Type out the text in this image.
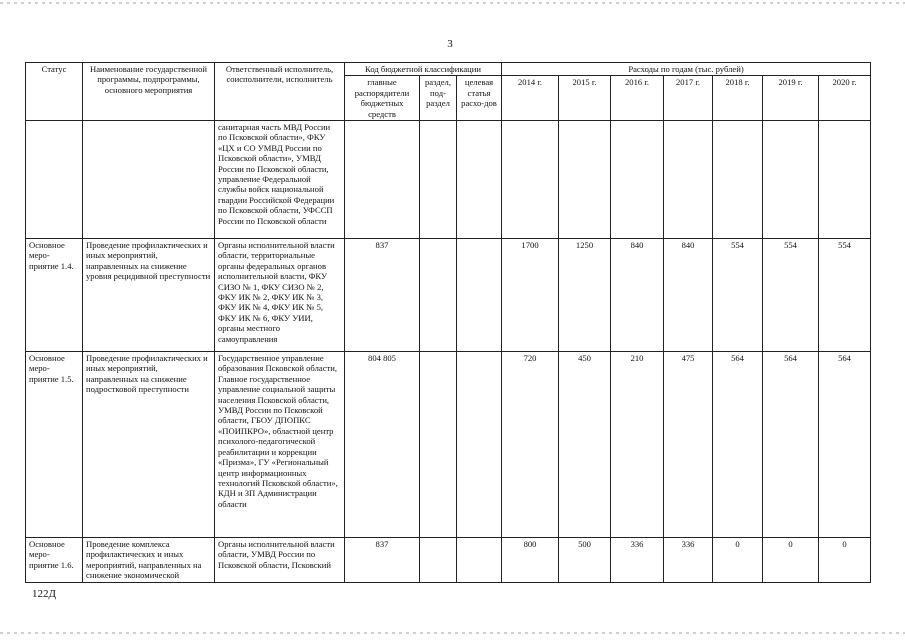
3
Статус	Наименование государственной программы, подпрограммы, основного мероприятия	Ответственный исполнитель, соисполнители, исполнитель	Код бюджетной классификации			Расходы по годам (тыс. рублей)						
			главные распорядители бюджетных средств	раздел, под-раздел	целевая статья расхо-дов	2014 г.	2015 г.	2016 г.	2017 г.	2018 г.	2019 г.	2020 г.
		санитарная часть МВД России по Псковской области», ФКУ «ЦХ и СО УМВД России по Псковской области», УМВД России по Псковской области, управление Федеральной службы войск национальной гвардии Российской Федерации по Псковской области, УФССП России по Псковской области										
Основное меро-приятие 1.4.	Проведение профилактических и иных мероприятий, направленных на снижение уровня рецидивной преступности	Органы исполнительной власти области, территориальные органы федеральных органов исполнительной власти, ФКУ СИЗО № 1, ФКУ СИЗО № 2, ФКУ ИК № 2, ФКУ ИК № 3, ФКУ ИК № 4, ФКУ ИК № 5, ФКУ ИК № 6, ФКУ УИИ, органы местного самоуправления	837			1700	1250	840	840	554	554	554
Основное меро-приятие 1.5.	Проведение профилактических и иных мероприятий, направленных на снижение подростковой преступности	Государственное управление образования Псковской области, Главное государственное управление социальной защиты населения Псковской области, УМВД России по Псковской области, ГБОУ ДПОПКС «ПОИПКРО», областной центр психолого-педагогической реабилитации и коррекции «Призма», ГУ «Региональный центр информационных технологий Псковской области», КДН и ЗП Администрации области	804 805			720	450	210	475	564	564	564
Основное меро-приятие 1.6.	Проведение комплекса профилактических и иных мероприятий, направленных на снижение экономической	Органы исполнительной власти области, УМВД России по Псковской области, Псковский	837			800	500	336	336	0	0	0
122Д
